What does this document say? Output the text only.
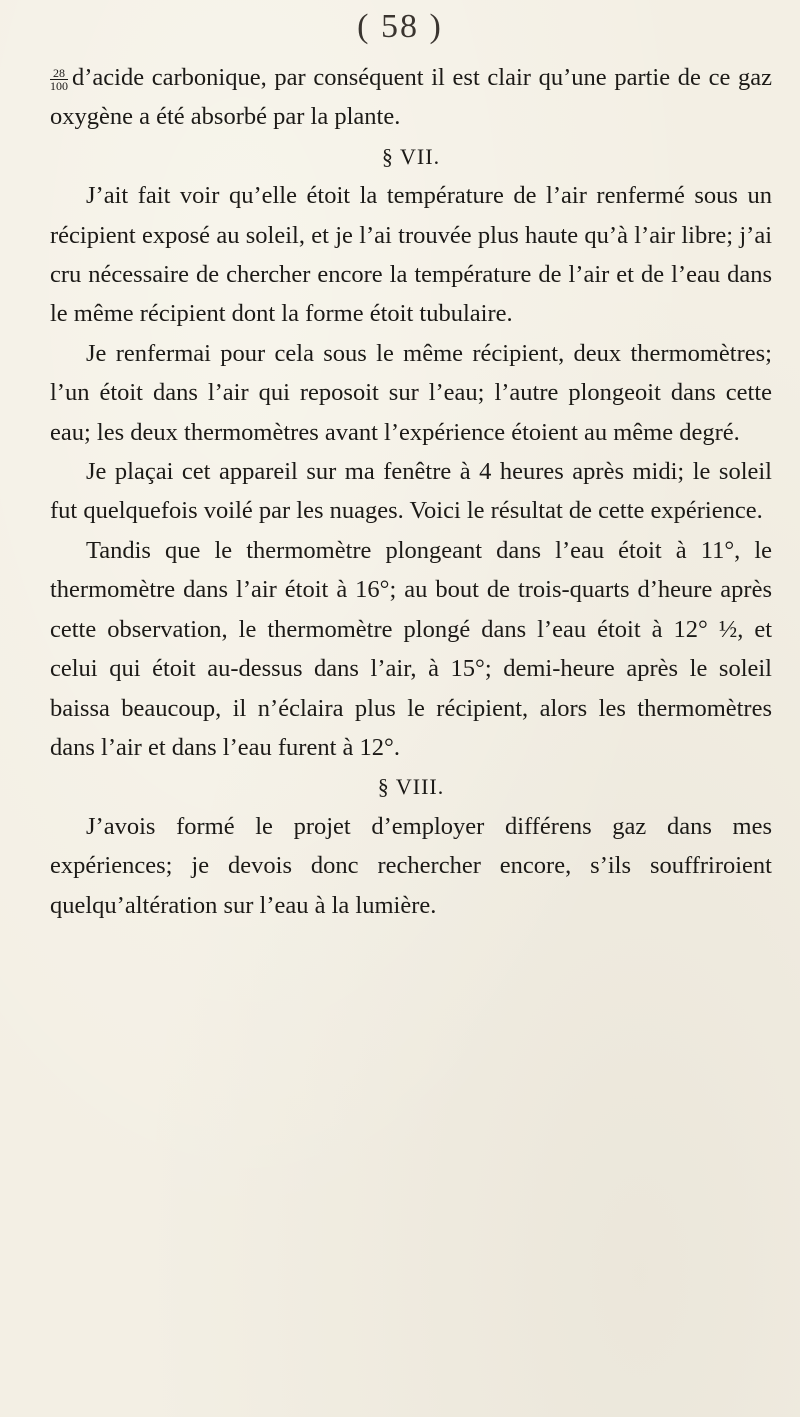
( 58 )

$\frac{28}{100}$ d’acide carbonique, par conséquent il est clair qu’une partie de ce gaz oxygène a été absorbé par la plante.

§ VII.

J’ait fait voir qu’elle étoit la température de l’air renfermé sous un récipient exposé au soleil, et je l’ai trouvée plus haute qu’à l’air libre; j’ai cru nécessaire de chercher encore la température de l’air et de l’eau dans le même récipient dont la forme étoit tubulaire.

Je renfermai pour cela sous le même récipient, deux thermomètres; l’un étoit dans l’air qui reposoit sur l’eau; l’autre plongeoit dans cette eau; les deux thermomètres avant l’expérience étoient au même degré.

Je plaçai cet appareil sur ma fenêtre à 4 heures après midi; le soleil fut quelquefois voilé par les nuages. Voici le résultat de cette expérience.

Tandis que le thermomètre plongeant dans l’eau étoit à 11°, le thermomètre dans l’air étoit à 16°; au bout de trois-quarts d’heure après cette observation, le thermomètre plongé dans l’eau étoit à 12° ½, et celui qui étoit au-dessus dans l’air, à 15°; demi-heure après le soleil baissa beaucoup, il n’éclaira plus le récipient, alors les thermomètres dans l’air et dans l’eau furent à 12°.

§ VIII.

J’avois formé le projet d’employer différens gaz dans mes expériences; je devois donc rechercher encore, s’ils souffriroient quelqu’altération sur l’eau à la lumière.
